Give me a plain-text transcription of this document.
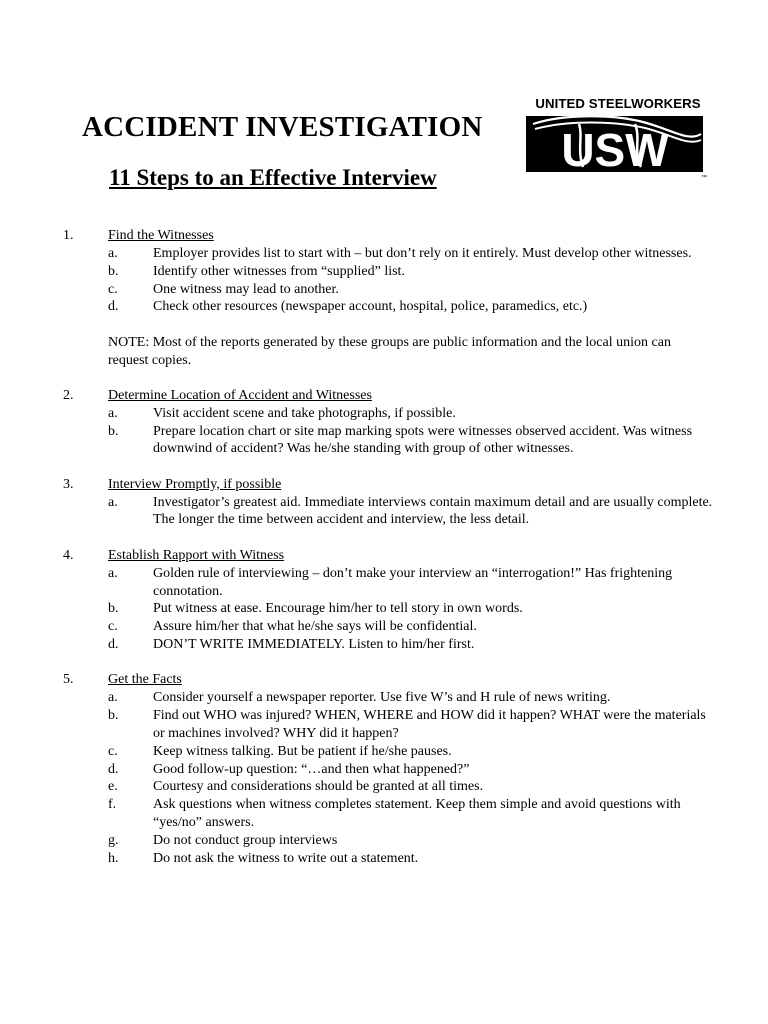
ACCIDENT INVESTIGATION
11 Steps to an Effective Interview
UNITED STEELWORKERS
USW
™
1. Find the Witnesses
a.	Employer provides list to start with – but don’t rely on it entirely. Must develop other witnesses.
b. Identify other witnesses from “supplied” list.
c.	One witness may lead to another.
d. Check other resources (newspaper account, hospital, police, paramedics, etc.)
NOTE: Most of the reports generated by these groups are public information and the local union can request copies.
2. Determine Location of Accident and Witnesses
a.	Visit accident scene and take photographs, if possible.
b. Prepare location chart or site map marking spots were witnesses observed accident. Was witness downwind of accident? Was he/she standing with group of other witnesses.
3. Interview Promptly, if possible
a.	Investigator’s greatest aid. Immediate interviews contain maximum detail and are usually complete. The longer the time between accident and interview, the less detail.
4. Establish Rapport with Witness
a.	Golden rule of interviewing – don’t make your interview an “interrogation!” Has frightening connotation.
b. Put witness at ease. Encourage him/her to tell story in own words.
c.	Assure him/her that what he/she says will be confidential.
d. DON’T WRITE IMMEDIATELY. Listen to him/her first.
5. Get the Facts
a.	Consider yourself a newspaper reporter. Use five W’s and H rule of news writing.
b. Find out WHO was injured? WHEN, WHERE and HOW did it happen? WHAT were the materials or machines involved? WHY did it happen?
c.	Keep witness talking. But be patient if he/she pauses.
d. Good follow-up question: “…and then what happened?”
e.	Courtesy and considerations should be granted at all times.
f.	Ask questions when witness completes statement. Keep them simple and avoid questions with “yes/no” answers.
g. Do not conduct group interviews
h. Do not ask the witness to write out a statement.
